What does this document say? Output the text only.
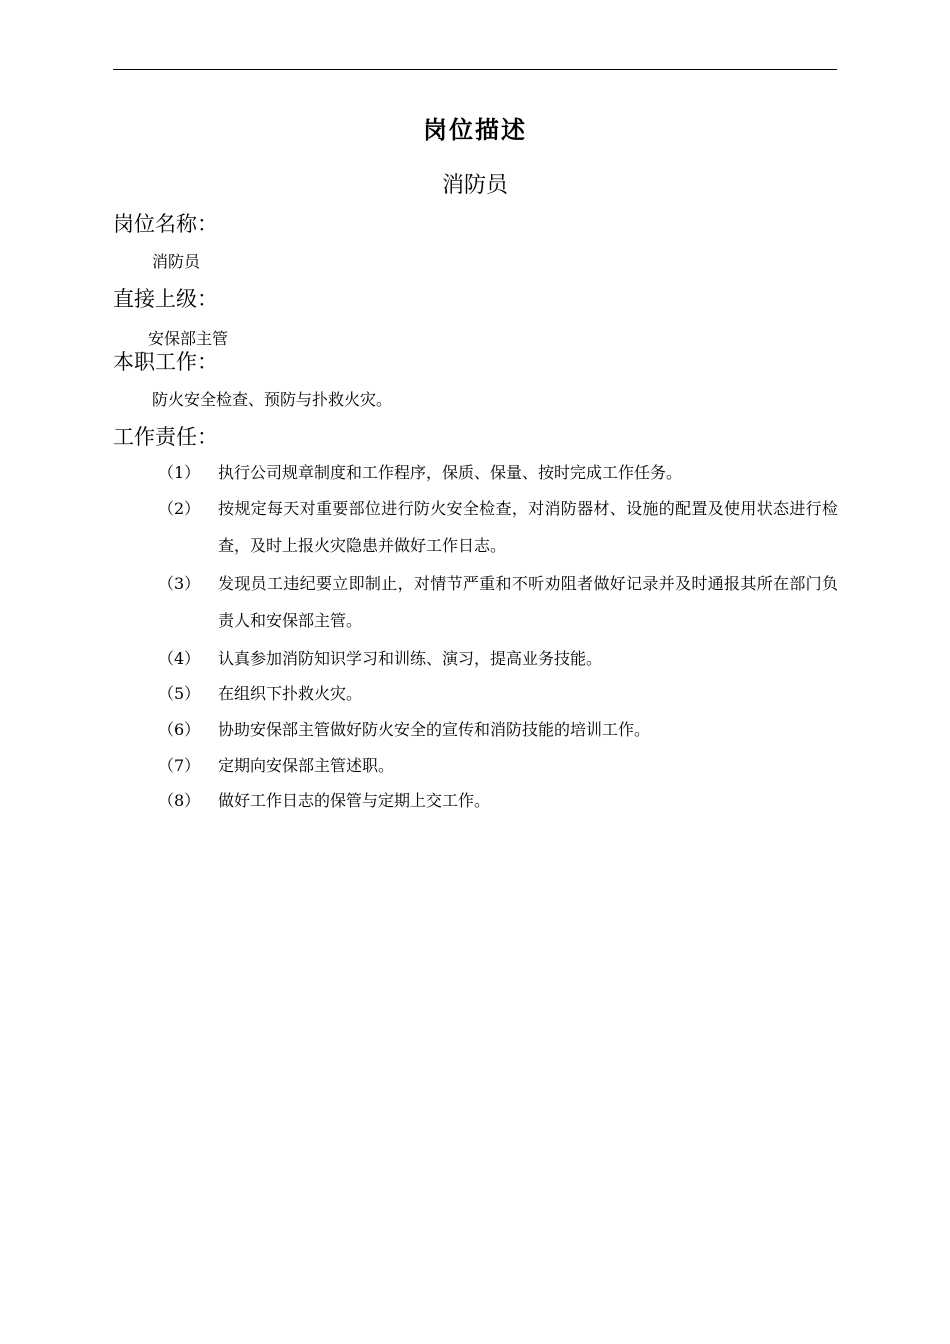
岗位描述
消防员
岗位名称：
消防员
直接上级：
安保部主管
本职工作：
防火安全检查、预防与扑救火灾。
工作责任：
（1） 执行公司规章制度和工作程序，保质、保量、按时完成工作任务。
（2） 按规定每天对重要部位进行防火安全检查，对消防器材、设施的配置及使用状态进行检查，及时上报火灾隐患并做好工作日志。
（3） 发现员工违纪要立即制止，对情节严重和不听劝阻者做好记录并及时通报其所在部门负责人和安保部主管。
（4） 认真参加消防知识学习和训练、演习，提高业务技能。
（5） 在组织下扑救火灾。
（6） 协助安保部主管做好防火安全的宣传和消防技能的培训工作。
（7） 定期向安保部主管述职。
（8） 做好工作日志的保管与定期上交工作。
